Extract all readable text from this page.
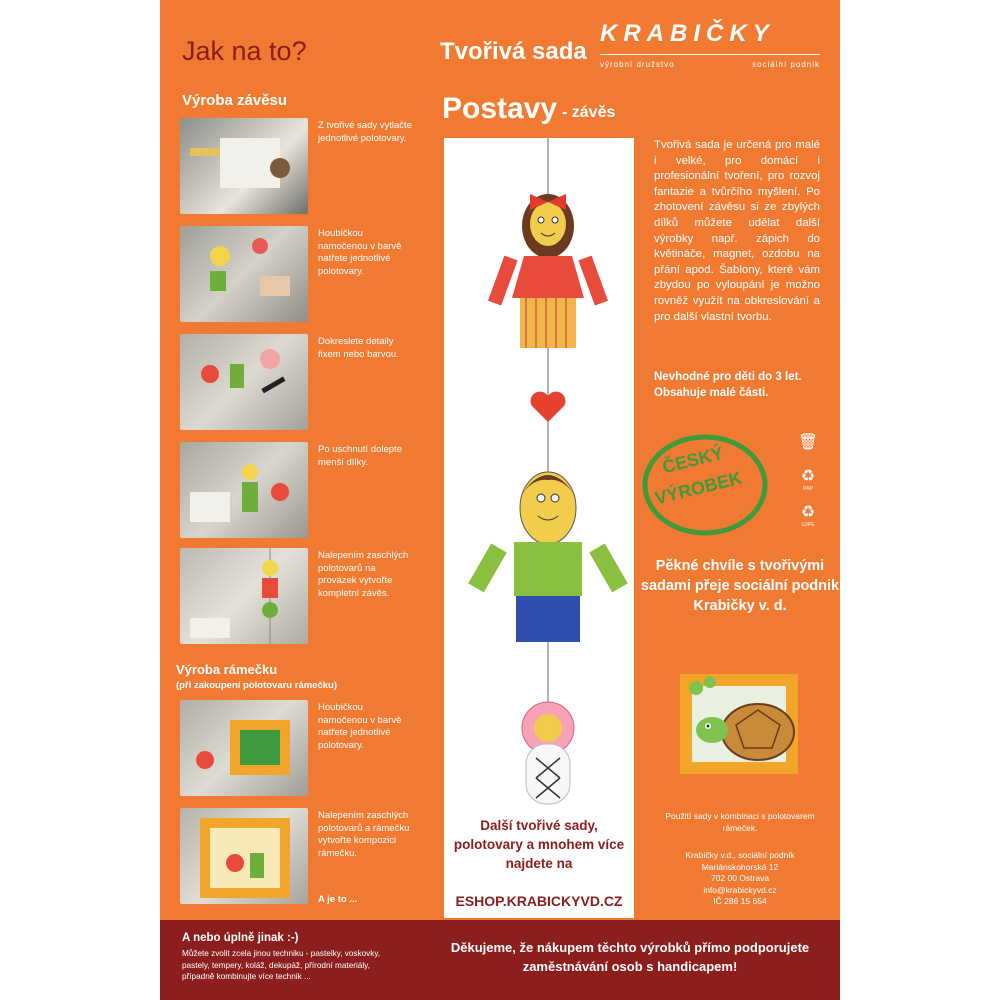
Jak na to?	Tvořivá sada
KRABIČKY
výrobní družstvo	sociální podnik
Výroba závěsu
Z tvořivé sady vytlačte jednotlivé polotovary.
Houbičkou namočenou v barvě natřete jednotlivé polotovary.
Dokreslete detaily fixem nebo barvou.
Po uschnutí dolepte menší dílky.
Nalepením zaschlých polotovarů na provázek vytvořte kompletní závěs.
Výroba rámečku
(při zakoupení polotovaru rámečku)
Houbičkou namočenou v barvě natřete jednotlivé polotovary.
Nalepením zaschlých polotovarů a rámečku vytvořte kompozici rámečku.
A je to ...
Postavy - závěs
Tvořivá sada je určená pro malé i velké, pro domácí i profesionální tvoření, pro rozvoj fantazie a tvůrčího myšlení. Po zhotovení závěsu si ze zbylých dílků můžete udělat další výrobky např. zápich do květináče, magnet, ozdobu na přání apod. Šablony, které vám zbydou po vyloupání je možno rovněž využít na obkreslování a pro další vlastní tvorbu.
Nevhodné pro děti do 3 let. Obsahuje malé části.
ČESKÝ
VÝROBEK
🗑
♻
PAP
♻
LDPE
Pěkné chvíle s tvořivými sadami přeje sociální podnik Krabičky v. d.
Použití sady v kombinaci s polotovarem rámeček.
Krabičky v.d., sociální podnik
Mariánskohorská 12
702 00 Ostrava
info@krabickyvd.cz
IČ 286 15 654
Další tvořivé sady, polotovary a mnohem více najdete na
ESHOP.KRABICKYVD.CZ
A nebo úplně jinak :-)
Můžete zvolit zcela jinou techniku - pastelky, voskovky, pastely, tempery, koláž, dekupáž, přírodní materiály, případně kombinujte více technik ...
Děkujeme, že nákupem těchto výrobků přímo podporujete zaměstnávání osob s handicapem!
